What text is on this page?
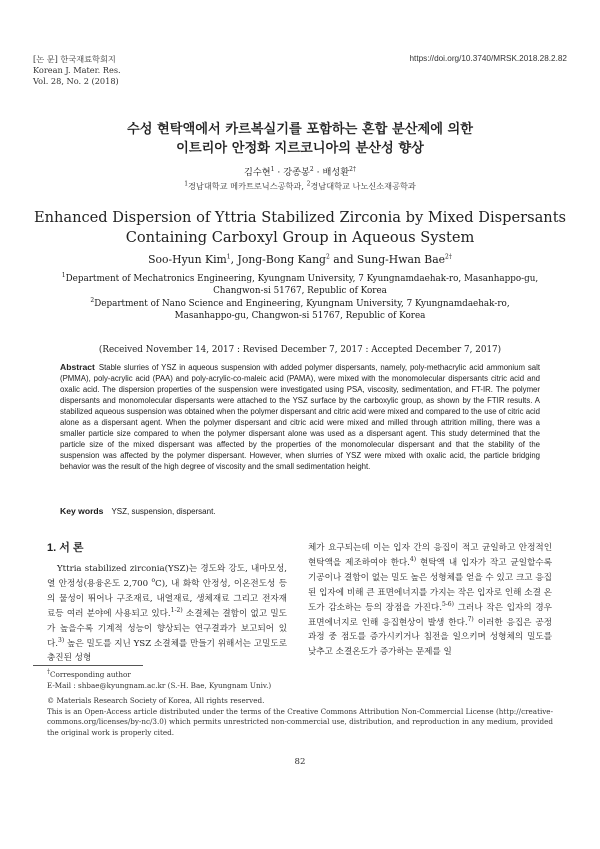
[논 문] 한국재료학회지
Korean J. Mater. Res.
Vol. 28, No. 2 (2018)
https://doi.org/10.3740/MRSK.2018.28.2.82
수성 현탁액에서 카르복실기를 포함하는 혼합 분산제에 의한
이트리아 안정화 지르코니아의 분산성 향상
김수현$^1$ · 강종봉$^2$ · 배성환$^{2\dagger}$
$^1$경남대학교 메카트로닉스공학과, $^2$경남대학교 나노신소재공학과
Enhanced Dispersion of Yttria Stabilized Zirconia by Mixed Dispersants
Containing Carboxyl Group in Aqueous System
Soo-Hyun Kim$^1$, Jong-Bong Kang$^2$ and Sung-Hwan Bae$^{2\dagger}$
$^1$Department of Mechatronics Engineering, Kyungnam University, 7 Kyungnamdaehak-ro, Masanhappo-gu, Changwon-si 51767, Republic of Korea
$^2$Department of Nano Science and Engineering, Kyungnam University, 7 Kyungnamdaehak-ro, Masanhappo-gu, Changwon-si 51767, Republic of Korea
(Received November 14, 2017 : Revised December 7, 2017 : Accepted December 7, 2017)
Abstract Stable slurries of YSZ in aqueous suspension with added polymer dispersants, namely, poly-methacrylic acid ammonium salt (PMMA), poly-acrylic acid (PAA) and poly-acrylic-co-maleic acid (PAMA), were mixed with the monomolecular dispersants citric acid and oxalic acid. The dispersion properties of the suspension were investigated using PSA, viscosity, sedimentation, and FT-IR. The polymer dispersants and monomolecular dispersants were attached to the YSZ surface by the carboxylic group, as shown by the FTIR results. A stabilized aqueous suspension was obtained when the polymer dispersant and citric acid were mixed and compared to the use of citric acid alone as a dispersant agent. When the polymer dispersant and citric acid were mixed and milled through attrition milling, there was a smaller particle size compared to when the polymer dispersant alone was used as a dispersant agent. This study determined that the particle size of the mixed dispersant was affected by the properties of the monomolecular dispersant and that the stability of the suspension was affected by the polymer dispersant. However, when slurries of YSZ were mixed with oxalic acid, the particle bridging behavior was the result of the high degree of viscosity and the small sedimentation height.
Key words YSZ, suspension, dispersant.
1. 서 론

Yttria stabilized zirconia(YSZ)는 경도와 강도, 내마모성, 열 안정성(용융온도 2,700 $^o$C), 내 화학 안정성, 이온전도성 등의 물성이 뛰어나 구조재료, 내열재료, 생체재료 그리고 전자재료등 여러 분야에 사용되고 있다.$^{1-2)}$ 소결체는 결함이 없고 밀도가 높을수록 기계적 성능이 향상되는 연구결과가 보고되어 있다.$^{3)}$ 높은 밀도를 지닌 YSZ 소결체를 만들기 위해서는 고밀도로 충진된 성형

체가 요구되는데 이는 입자 간의 응집이 적고 균일하고 안정적인 현탁액을 제조하여야 한다.$^{4)}$ 현탁액 내 입자가 작고 균일할수록 기공이나 결함이 없는 밀도 높은 성형체를 얻을 수 있고 크고 응집된 입자에 비해 큰 표면에너지를 가지는 작은 입자로 인해 소결 온도가 감소하는 등의 장점을 가진다.$^{5-6)}$ 그러나 작은 입자의 경우 표면에너지로 인해 응집현상이 발생 한다.$^{7)}$ 이러한 응집은 공정 과정 중 점도를 증가시키거나 침전을 일으키며 성형체의 밀도를 낮추고 소결온도가 증가하는 문제를 일

†Corresponding author
E-Mail : shbae@kyungnam.ac.kr (S.-H. Bae, Kyungnam Univ.)
© Materials Research Society of Korea, All rights reserved.
This is an Open-Access article distributed under the terms of the Creative Commons Attribution Non-Commercial License (http://creative-commons.org/licenses/by-nc/3.0) which permits unrestricted non-commercial use, distribution, and reproduction in any medium, provided the original work is properly cited.
82
